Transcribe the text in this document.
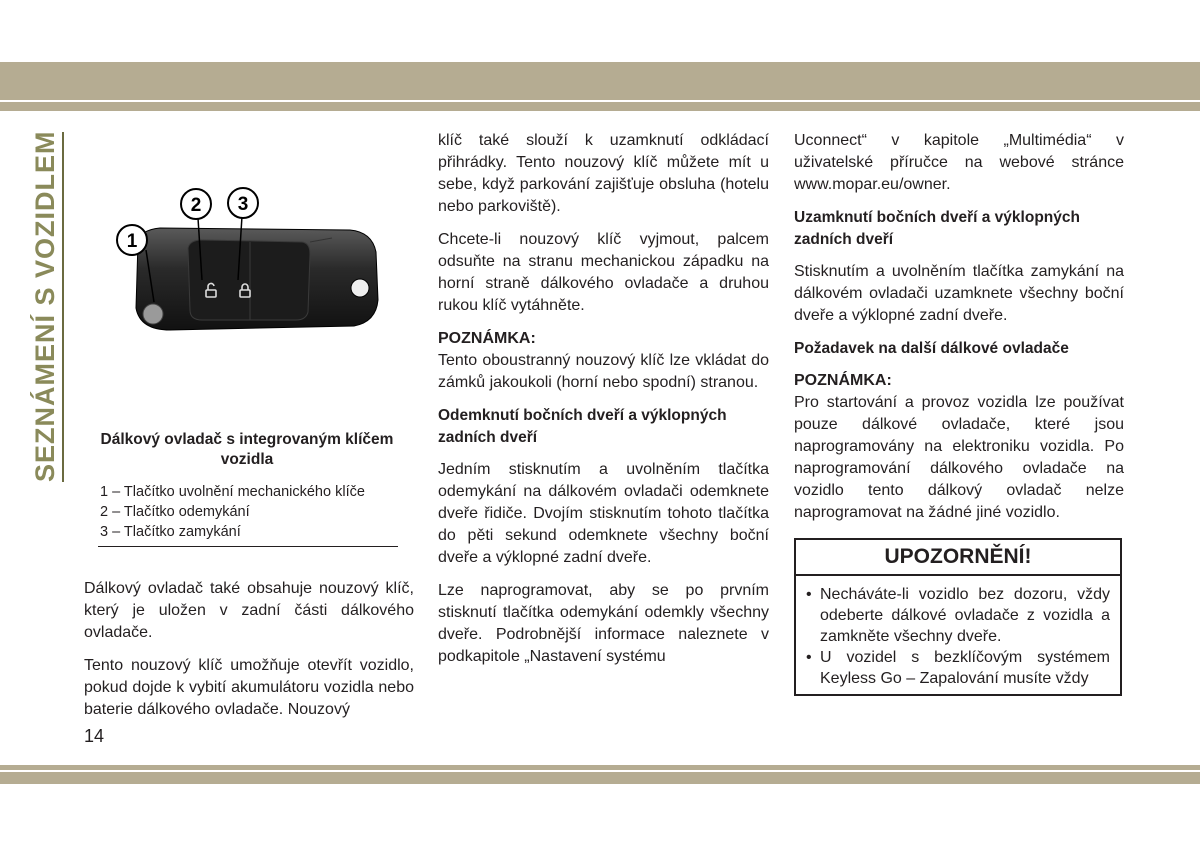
SEZNÁMENÍ S VOZIDLEM	1
2 3
Dálkový ovladač s integrovaným klíčem vozidla
1 – Tlačítko uvolnění mechanického klíče
2 – Tlačítko odemykání
3 – Tlačítko zamykání

Dálkový ovladač také obsahuje nouzový klíč, který je uložen v zadní části dálkového ovladače.

Tento nouzový klíč umožňuje otevřít vozidlo, pokud dojde k vybití akumulátoru vozidla nebo baterie dálkového ovladače. Nouzový

klíč také slouží k uzamknutí odkládací přihrádky. Tento nouzový klíč můžete mít u sebe, když parkování zajišťuje obsluha (hotelu nebo parkoviště).

Chcete-li nouzový klíč vyjmout, palcem odsuňte na stranu mechanickou západku na horní straně dálkového ovladače a druhou rukou klíč vytáhněte.

POZNÁMKA:

Tento oboustranný nouzový klíč lze vkládat do zámků jakoukoli (horní nebo spodní) stranou.

Odemknutí bočních dveří a výklopných zadních dveří

Jedním stisknutím a uvolněním tlačítka odemykání na dálkovém ovladači odemknete dveře řidiče. Dvojím stisknutím tohoto tlačítka do pěti sekund odemknete všechny boční dveře a výklopné zadní dveře.

Lze naprogramovat, aby se po prvním stisknutí tlačítka odemykání odemkly všechny dveře. Podrobnější informace naleznete v podkapitole „Nastavení systému

Uconnect“ v kapitole „Multimédia“ v uživatelské příručce na webové stránce www.mopar.eu/owner.

Uzamknutí bočních dveří a výklopných zadních dveří

Stisknutím a uvolněním tlačítka zamykání na dálkovém ovladači uzamknete všechny boční dveře a výklopné zadní dveře.

Požadavek na další dálkové ovladače
POZNÁMKA:

Pro startování a provoz vozidla lze používat pouze dálkové ovladače, které jsou naprogramovány na elektroniku vozidla. Po naprogramování dálkového ovladače na vozidlo tento dálkový ovladač nelze naprogramovat na žádné jiné vozidlo.

UPOZORNĚNÍ!
• Necháváte-li vozidlo bez dozoru, vždy odeberte dálkové ovladače z vozidla a zamkněte všechny dveře.
• U vozidel s bezklíčovým systémem Keyless Go – Zapalování musíte vždy
14
